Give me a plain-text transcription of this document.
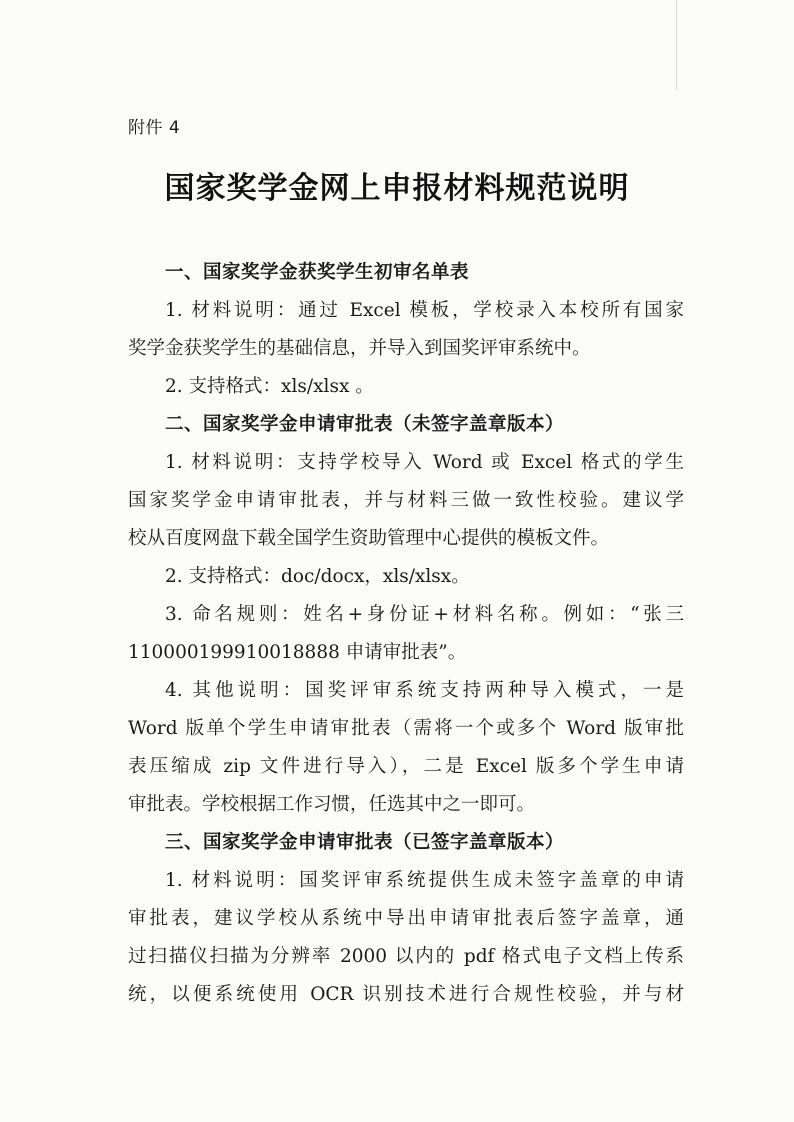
附件 4
国家奖学金网上申报材料规范说明
一、国家奖学金获奖学生初审名单表
1. 材料说明：通过 Excel 模板，学校录入本校所有国家
奖学金获奖学生的基础信息，并导入到国奖评审系统中。
2. 支持格式：xls/xlsx 。
二、国家奖学金申请审批表（未签字盖章版本）
1. 材料说明：支持学校导入 Word 或 Excel 格式的学生
国家奖学金申请审批表，并与材料三做一致性校验。建议学
校从百度网盘下载全国学生资助管理中心提供的模板文件。
2. 支持格式：doc/docx，xls/xlsx。
3. 命名规则：姓名+身份证+材料名称。例如：“张三
110000199910018888 申请审批表”。
4. 其他说明：国奖评审系统支持两种导入模式，一是
Word 版单个学生申请审批表（需将一个或多个 Word 版审批
表压缩成 zip 文件进行导入），二是 Excel 版多个学生申请
审批表。学校根据工作习惯，任选其中之一即可。
三、国家奖学金申请审批表（已签字盖章版本）
1. 材料说明：国奖评审系统提供生成未签字盖章的申请
审批表，建议学校从系统中导出申请审批表后签字盖章，通
过扫描仪扫描为分辨率 2000 以内的 pdf 格式电子文档上传系
统，以便系统使用 OCR 识别技术进行合规性校验，并与材
